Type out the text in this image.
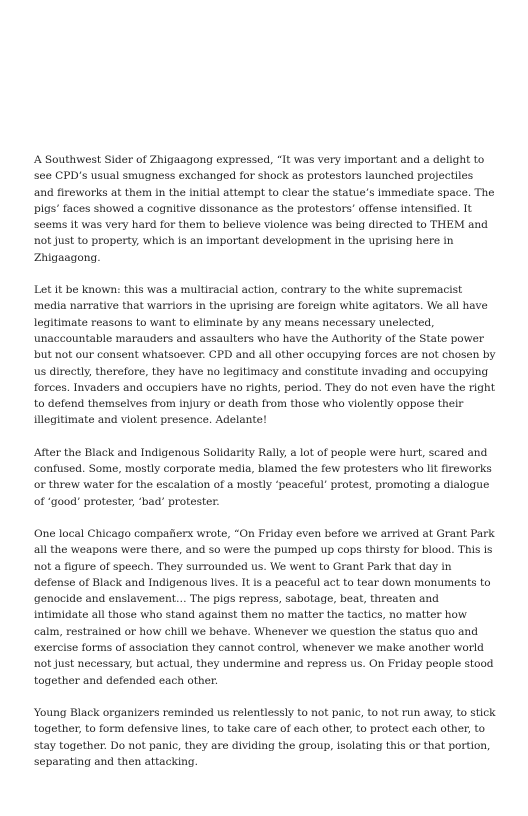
A Southwest Sider of Zhigaagong expressed, “It was very important and a delight to see CPD’s usual smugness exchanged for shock as protestors launched projectiles and fireworks at them in the initial attempt to clear the statue’s immediate space. The pigs’ faces showed a cognitive dissonance as the protestors’ offense intensified. It seems it was very hard for them to believe violence was being directed to THEM and not just to property, which is an important development in the uprising here in Zhigaagong.

Let it be known: this was a multiracial action, contrary to the white supremacist media narrative that warriors in the uprising are foreign white agitators. We all have legitimate reasons to want to eliminate by any means necessary unelected, unaccountable marauders and assaulters who have the Authority of the State power but not our consent whatsoever. CPD and all other occupying forces are not chosen by us directly, therefore, they have no legitimacy and constitute invading and occupying forces. Invaders and occupiers have no rights, period. They do not even have the right to defend themselves from injury or death from those who violently oppose their illegitimate and violent presence. Adelante!

After the Black and Indigenous Solidarity Rally, a lot of people were hurt, scared and confused. Some, mostly corporate media, blamed the few protesters who lit fireworks or threw water for the escalation of a mostly ‘peaceful’ protest, promoting a dialogue of ‘good’ protester, ‘bad’ protester.

One local Chicago compañerx wrote, “On Friday even before we arrived at Grant Park all the weapons were there, and so were the pumped up cops thirsty for blood. This is not a figure of speech. They surrounded us. We went to Grant Park that day in defense of Black and Indigenous lives. It is a peaceful act to tear down monuments to genocide and enslavement… The pigs repress, sabotage, beat, threaten and intimidate all those who stand against them no matter the tactics, no matter how calm, restrained or how chill we behave. Whenever we question the status quo and exercise forms of association they cannot control, whenever we make another world not just necessary, but actual, they undermine and repress us. On Friday people stood together and defended each other.

Young Black organizers reminded us relentlessly to not panic, to not run away, to stick together, to form defensive lines, to take care of each other, to protect each other, to stay together. Do not panic, they are dividing the group, isolating this or that portion, separating and then attacking.
